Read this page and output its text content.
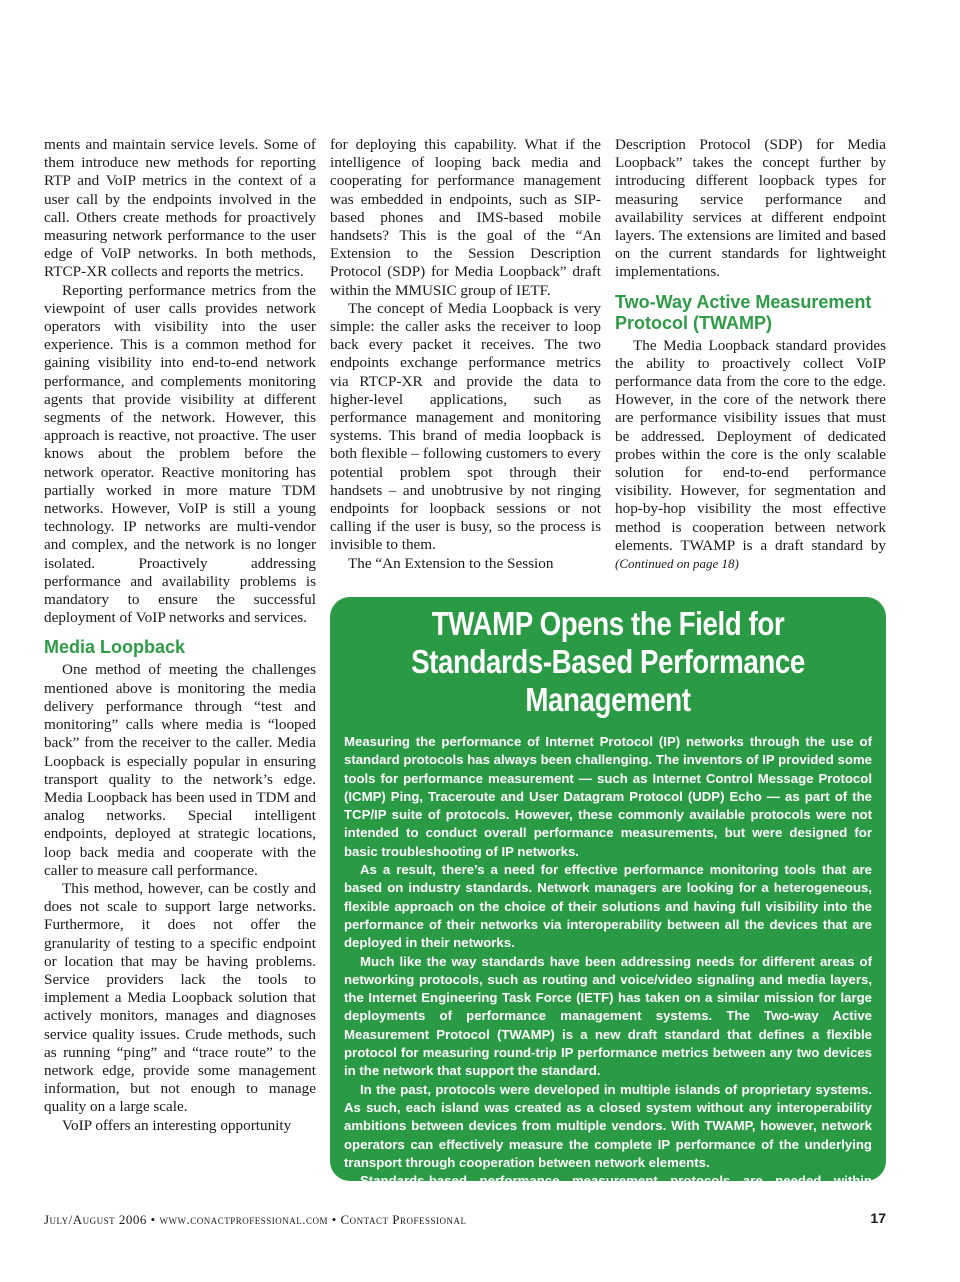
ments and maintain service levels. Some of them introduce new methods for reporting RTP and VoIP metrics in the context of a user call by the endpoints involved in the call. Others create methods for proactively measuring network performance to the user edge of VoIP networks. In both methods, RTCP-XR collects and reports the metrics.

Reporting performance metrics from the viewpoint of user calls provides network operators with visibility into the user experience. This is a common method for gaining visibility into end-to-end network performance, and complements monitoring agents that provide visibility at different segments of the network. However, this approach is reactive, not proactive. The user knows about the problem before the network operator. Reactive monitoring has partially worked in more mature TDM networks. However, VoIP is still a young technology. IP networks are multi-vendor and complex, and the network is no longer isolated. Proactively addressing performance and availability problems is mandatory to ensure the successful deployment of VoIP networks and services.

Media Loopback

One method of meeting the challenges mentioned above is monitoring the media delivery performance through “test and monitoring” calls where media is “looped back” from the receiver to the caller. Media Loopback is especially popular in ensuring transport quality to the network’s edge. Media Loopback has been used in TDM and analog networks. Special intelligent endpoints, deployed at strategic locations, loop back media and cooperate with the caller to measure call performance.

This method, however, can be costly and does not scale to support large networks. Furthermore, it does not offer the granularity of testing to a specific endpoint or location that may be having problems. Service providers lack the tools to implement a Media Loopback solution that actively monitors, manages and diagnoses service quality issues. Crude methods, such as running “ping” and “trace route” to the network edge, provide some management information, but not enough to manage quality on a large scale.

VoIP offers an interesting opportunity

for deploying this capability. What if the intelligence of looping back media and cooperating for performance management was embedded in endpoints, such as SIP-based phones and IMS-based mobile handsets? This is the goal of the “An Extension to the Session Description Protocol (SDP) for Media Loopback” draft within the MMUSIC group of IETF.

The concept of Media Loopback is very simple: the caller asks the receiver to loop back every packet it receives. The two endpoints exchange performance metrics via RTCP-XR and provide the data to higher-level applications, such as performance management and monitoring systems. This brand of media loopback is both flexible – following customers to every potential problem spot through their handsets – and unobtrusive by not ringing endpoints for loopback sessions or not calling if the user is busy, so the process is invisible to them.

The “An Extension to the Session

Description Protocol (SDP) for Media Loopback” takes the concept further by introducing different loopback types for measuring service performance and availability services at different endpoint layers. The extensions are limited and based on the current standards for lightweight implementations.

Two-Way Active Measurement Protocol (TWAMP)

The Media Loopback standard provides the ability to proactively collect VoIP performance data from the core to the edge. However, in the core of the network there are performance visibility issues that must be addressed. Deployment of dedicated probes within the core is the only scalable solution for end-to-end performance visibility. However, for segmentation and hop-by-hop visibility the most effective method is cooperation between network elements. TWAMP is a draft standard by (Continued on page 18)

TWAMP Opens the Field for Standards-Based Performance Management

Measuring the performance of Internet Protocol (IP) networks through the use of standard protocols has always been challenging. The inventors of IP provided some tools for performance measurement — such as Internet Control Message Protocol (ICMP) Ping, Traceroute and User Datagram Protocol (UDP) Echo — as part of the TCP/IP suite of protocols. However, these commonly available protocols were not intended to conduct overall performance measurements, but were designed for basic troubleshooting of IP networks.

As a result, there’s a need for effective performance monitoring tools that are based on industry standards. Network managers are looking for a heterogeneous, flexible approach on the choice of their solutions and having full visibility into the performance of their networks via interoperability between all the devices that are deployed in their networks.

Much like the way standards have been addressing needs for different areas of networking protocols, such as routing and voice/video signaling and media layers, the Internet Engineering Task Force (IETF) has taken on a similar mission for large deployments of performance management systems. The Two-way Active Measurement Protocol (TWAMP) is a new draft standard that defines a flexible protocol for measuring round-trip IP performance metrics between any two devices in the network that support the standard.

In the past, protocols were developed in multiple islands of proprietary systems. As such, each island was created as a closed system without any interoperability ambitions between devices from multiple vendors. With TWAMP, however, network operators can effectively measure the complete IP performance of the underlying transport through cooperation between network elements.

Standards-based performance measurement protocols are needed within networks to create an ecosystem where IP performance metrics are obtained through cooperation between network elements. Through the use and deployment of TWAMP, network operators can avoid the costly deployment of performance management systems with proprietary protocols while effectively measuring the IP performance of their network at all locations.

July/August 2006 • www.conactprofessional.com • Contact Professional	17
